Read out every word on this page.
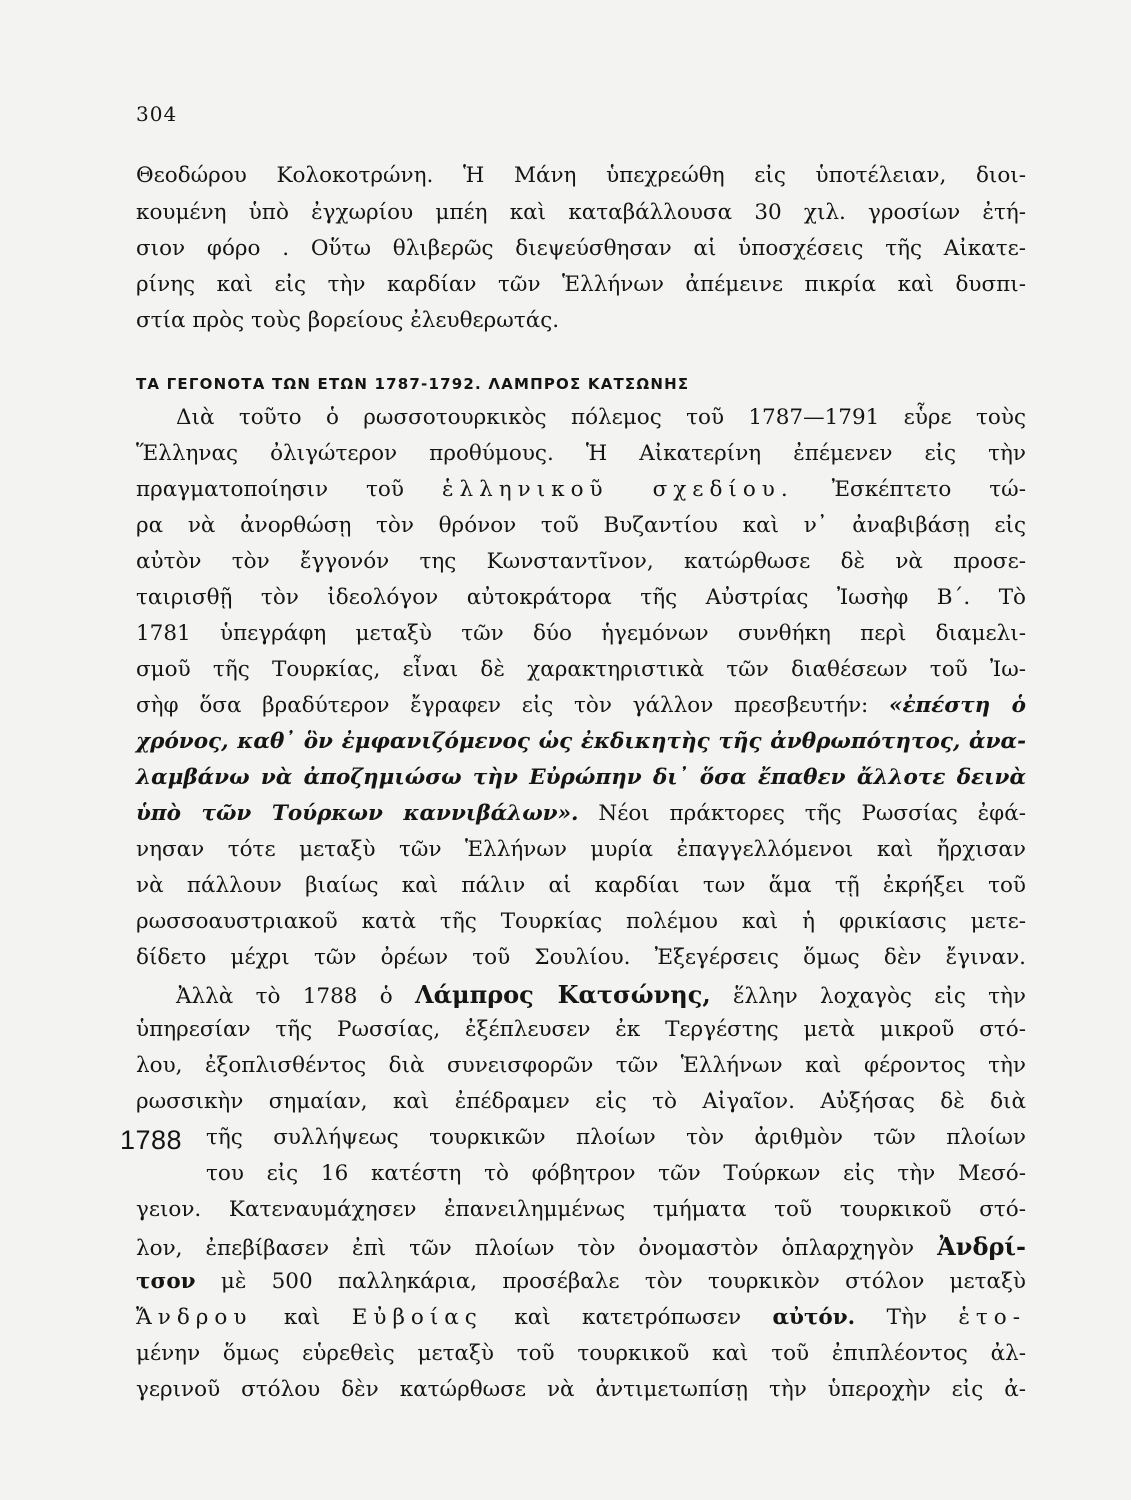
304
Θεοδώρου Κολοκοτρώνη. Ἡ Μάνη ὑπεχρεώθη εἰς ὑποτέλειαν, διοι-
κουμένη ὑπὸ ἐγχωρίου μπέη καὶ καταβάλλουσα 30 χιλ. γροσίων ἐτή-
σιον φόρο . Οὕτω θλιβερῶς διεψεύσθησαν αἱ ὑποσχέσεις τῆς Αἰκατε-
ρίνης καὶ εἰς τὴν καρδίαν τῶν Ἑλλήνων ἀπέμεινε πικρία καὶ δυσπι-
στία πρὸς τοὺς βορείους ἐλευθερωτάς.
ΤΑ ΓΕΓΟΝΟΤΑ ΤΩΝ ΕΤΩΝ 1787-1792. ΛΑΜΠΡΟΣ ΚΑΤΣΩΝΗΣ
Διὰ τοῦτο ὁ ρωσσοτουρκικὸς πόλεμος τοῦ 1787—1791 εὗρε τοὺς
Ἕλληνας ὀλιγώτερον προθύμους. Ἡ Αἰκατερίνη ἐπέμενεν εἰς τὴν
πραγματοποίησιν τοῦ ἑλληνικοῦ σχεδίου. Ἐσκέπτετο τώ-
ρα νὰ ἀνορθώσῃ τὸν θρόνον τοῦ Βυζαντίου καὶ ν᾽ ἀναβιβάσῃ εἰς
αὐτὸν τὸν ἔγγονόν της Κωνσταντῖνον, κατώρθωσε δὲ νὰ προσε-
ταιρισθῇ τὸν ἰδεολόγον αὐτοκράτορα τῆς Αὐστρίας Ἰωσὴφ Β΄. Τὸ
1781 ὑπεγράφη μεταξὺ τῶν δύο ἡγεμόνων συνθήκη περὶ διαμελι-
σμοῦ τῆς Τουρκίας, εἶναι δὲ χαρακτηριστικὰ τῶν διαθέσεων τοῦ Ἰω-
σὴφ ὅσα βραδύτερον ἔγραφεν εἰς τὸν γάλλον πρεσβευτήν: «ἐπέστη ὁ
χρόνος, καθ᾽ ὃν ἐμφανιζόμενος ὡς ἐκδικητὴς τῆς ἀνθρωπότητος, ἀνα-
λαμβάνω νὰ ἀποζημιώσω τὴν Εὐρώπην δι᾽ ὅσα ἔπαθεν ἄλλοτε δεινὰ
ὑπὸ τῶν Τούρκων καννιβάλων». Νέοι πράκτορες τῆς Ρωσσίας ἐφά-
νησαν τότε μεταξὺ τῶν Ἑλλήνων μυρία ἐπαγγελλόμενοι καὶ ἤρχισαν
νὰ πάλλουν βιαίως καὶ πάλιν αἱ καρδίαι των ἅμα τῇ ἐκρήξει τοῦ
ρωσσοαυστριακοῦ κατὰ τῆς Τουρκίας πολέμου καὶ ἡ φρικίασις μετε-
δίδετο μέχρι τῶν ὀρέων τοῦ Σουλίου. Ἐξεγέρσεις ὅμως δὲν ἔγιναν.
Ἀλλὰ τὸ 1788 ὁ Λάμπρος Κατσώνης, ἕλλην λοχαγὸς εἰς τὴν
ὑπηρεσίαν τῆς Ρωσσίας, ἐξέπλευσεν ἐκ Τεργέστης μετὰ μικροῦ στό-
λου, ἐξοπλισθέντος διὰ συνεισφορῶν τῶν Ἑλλήνων καὶ φέροντος τὴν
ρωσσικὴν σημαίαν, καὶ ἐπέδραμεν εἰς τὸ Αἰγαῖον. Αὐξήσας δὲ διὰ
1788 τῆς συλλήψεως τουρκικῶν πλοίων τὸν ἀριθμὸν τῶν πλοίων
του εἰς 16 κατέστη τὸ φόβητρον τῶν Τούρκων εἰς τὴν Μεσό-
γειον. Κατεναυμάχησεν ἐπανειλημμένως τμήματα τοῦ τουρκικοῦ στό-
λον, ἐπεβίβασεν ἐπὶ τῶν πλοίων τὸν ὀνομαστὸν ὁπλαρχηγὸν Ἀνδρί-
τσον μὲ 500 παλληκάρια, προσέβαλε τὸν τουρκικὸν στόλον μεταξὺ
Ἄνδρου καὶ Εὐβοίας καὶ κατετρόπωσεν αὐτόν. Τὴν ἑτο-
μένην ὅμως εὑρεθεὶς μεταξὺ τοῦ τουρκικοῦ καὶ τοῦ ἐπιπλέοντος ἀλ-
γερινοῦ στόλου δὲν κατώρθωσε νὰ ἀντιμετωπίσῃ τὴν ὑπεροχὴν εἰς ἀ-
